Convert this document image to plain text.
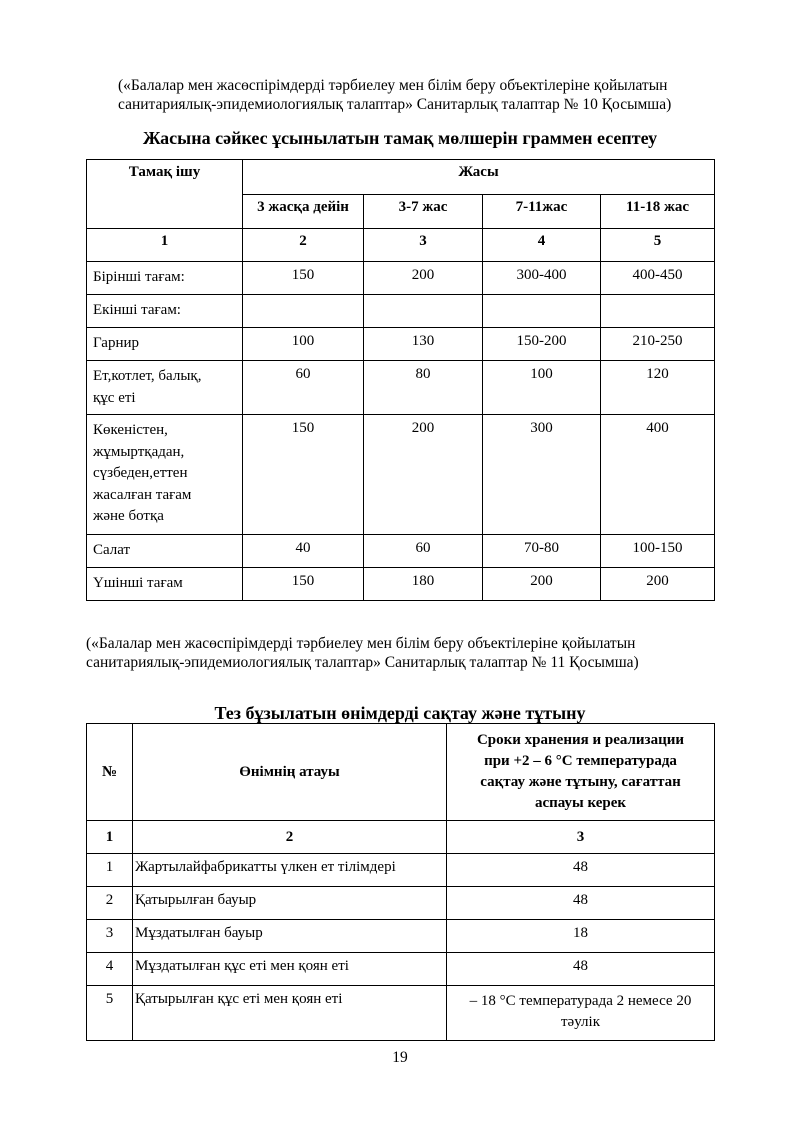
(«Балалар мен жасөспірімдерді тәрбиелеу мен білім беру объектілеріне қойылатын
санитариялық-эпидемиологиялық талаптар» Санитарлық талаптар № 10 Қосымша)
Жасына сәйкес ұсынылатын тамақ мөлшерін граммен есептеу
Тамақ ішу	Жасы			
	3 жасқа дейін	3-7 жас	7-11жас	11-18 жас
1	2	3	4	5
Бірінші тағам:	150	200	300-400	400-450
Екінші тағам:				
Гарнир	100	130	150-200	210-250

Ет,котлет, балық,
құс еті	60	80	100	120

Көкеністен,
жұмыртқадан,
сүзбеден,еттен
жасалған тағам
және ботқа	150	200	300	400
Салат	40	60	70-80	100-150
Үшінші тағам	150	180	200	200
(«Балалар мен жасөспірімдерді тәрбиелеу мен білім беру объектілеріне қойылатын
санитариялық-эпидемиологиялық талаптар» Санитарлық талаптар № 11 Қосымша)
Тез бұзылатын өнімдерді сақтау және тұтыну
№	Өнімнің атауы	Сроки хранения и реализации
при +2 – 6 °С температурада
сақтау және тұтыну, сағаттан
аспауы керек

1	2	3
1	Жартылайфабрикатты үлкен ет тілімдері	48
2	Қатырылған бауыр	48
3	Мұздатылған бауыр	18
4	Мұздатылған құс еті мен қоян еті	48
5	Қатырылған құс еті мен қоян еті	– 18 °С температурада 2 немесе 20
тәулік
19
